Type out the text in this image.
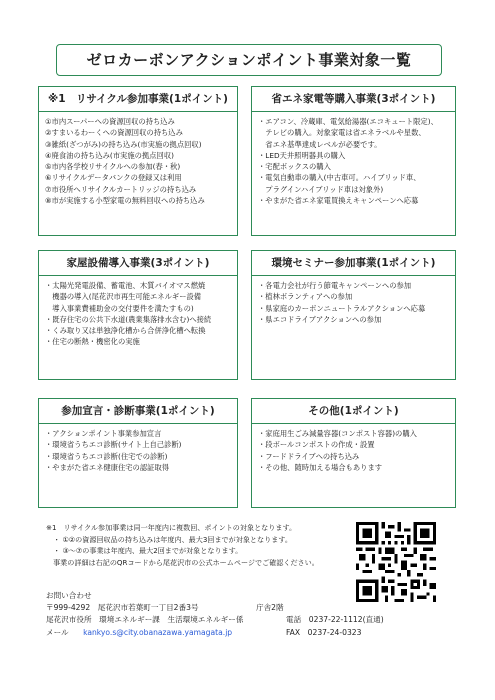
ゼロカーボンアクションポイント事業対象一覧
※1　リサイクル参加事業(1ポイント)
①市内スーパーへの資源回収の持ち込み
②すまいるわーくへの資源回収の持ち込み
③雑紙(ざつがみ)の持ち込み(市実施の拠点回収)
④廃食油の持ち込み(市実施の拠点回収)
⑤市内各学校リサイクルへの参加(春・秋)
⑥リサイクルデータバンクの登録又は利用
⑦市役所へリサイクルカートリッジの持ち込み
⑧市が実施する小型家電の無料回収への持ち込み
省エネ家電等購入事業(3ポイント)
・エアコン、冷蔵庫、電気給湯器(エコキュート限定)、
　テレビの購入。対象家電は省エネラベルや星数、
　省エネ基準達成レベルが必要です。
・LED天井照明器具の購入
・宅配ボックスの購入
・電気自動車の購入(中古車可。ハイブリッド車、
　プラグインハイブリッド車は対象外)
・やまがた省エネ家電買換えキャンペーンへ応募
家屋設備導入事業(3ポイント)
・太陽光発電設備、蓄電池、木質バイオマス燃焼
　機器の導入(尾花沢市再生可能エネルギー設備
　導入事業費補助金の交付要件を満たすもの)
・既存住宅の公共下水道(農業集落排水含む)へ接続
・くみ取り又は単独浄化槽から合併浄化槽へ転換
・住宅の断熱・機密化の実施
環境セミナー参加事業(1ポイント)
・各電力会社が行う節電キャンペーンへの参加
・植林ボランティアへの参加
・県家庭のカーボンニュートラルアクションへ応募
・県エコドライブアクションへの参加
参加宣言・診断事業(1ポイント)
・アクションポイント事業参加宣言
・環境省うちエコ診断(サイト上自己診断)
・環境省うちエコ診断(住宅での診断)
・やまがた省エネ健康住宅の認証取得
その他(1ポイント)
・家庭用生ごみ減量容器(コンポスト容器)の購入
・段ボールコンポストの作成・設置
・フードドライブへの持ち込み
・その他、随時加える場合もあります
※1　リサイクル参加事業は同一年度内に複数回、ポイントの対象となります。
　・ ①②の資源回収品の持ち込みは年度内、最大3回までが対象となります。
　・ ③～⑦の事業は年度内、最大2回までが対象となります。
　事業の詳細は右記のQRコードから尾花沢市の公式ホームページでご確認ください。
お問い合わせ
〒999-4292　尾花沢市若葉町一丁目2番3号	庁舎2階
尾花沢市役所　環境エネルギー課　生活環境エネルギー係	電話　0237-22-1112(直通)
メール kankyo.s@city.obanazawa.yamagata.jp	FAX　0237-24-0323
